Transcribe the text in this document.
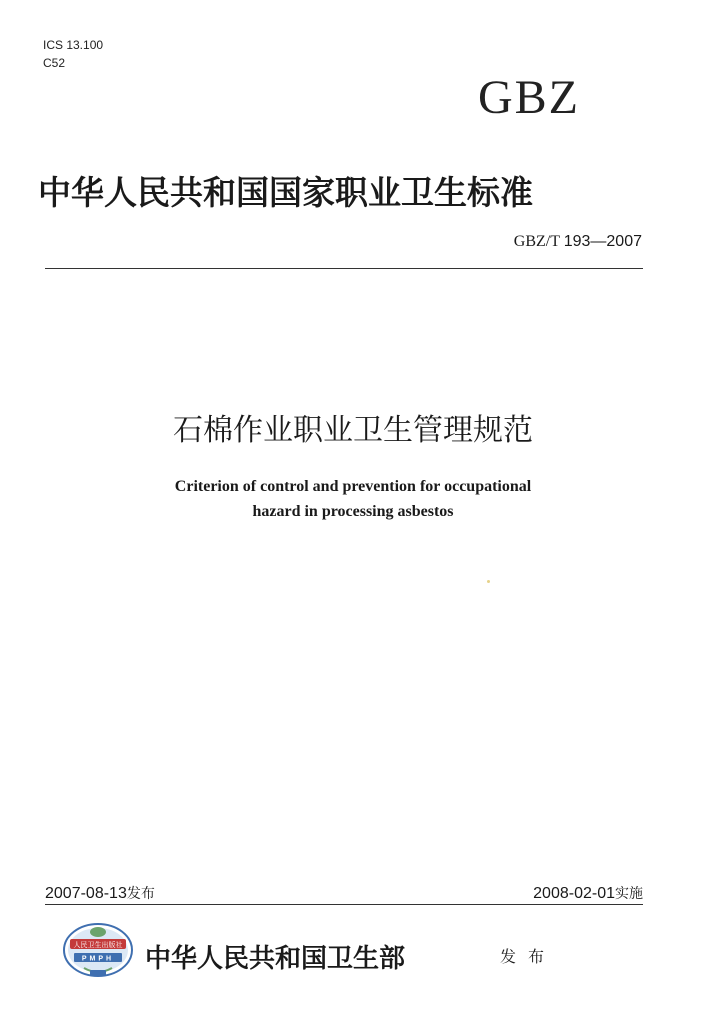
ICS 13.100
C52
GBZ
中华人民共和国国家职业卫生标准
GBZ/T 193—2007
石棉作业职业卫生管理规范
Criterion of control and prevention for occupational
hazard in processing asbestos
2007-08-13发布	2008-02-01实施
人民卫生出版社
PMPH 中华人民共和国卫生部	发布
